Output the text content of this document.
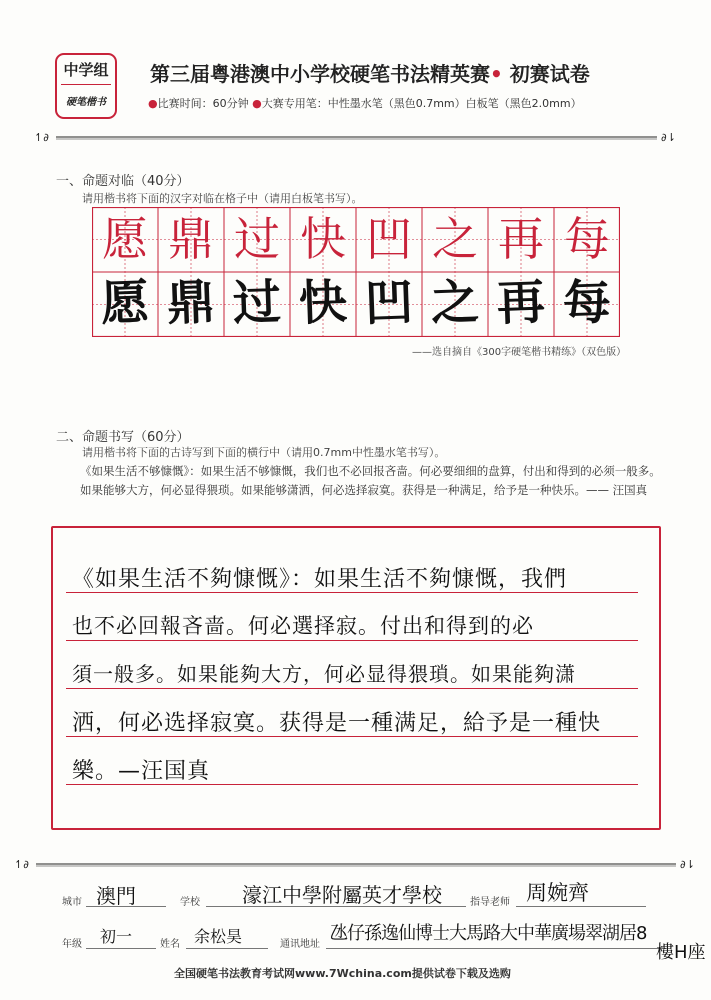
中学组
硬笔楷书
第三届粤港澳中小学校硬笔书法精英赛• 初赛试卷
●比赛时间：60分钟 ●大赛专用笔：中性墨水笔（黑色0.7mm）白板笔（黑色2.0mm）
↿∂	∂⇂
一、命题对临（40分）
请用楷书将下面的汉字对临在格子中（请用白板笔书写）。
愿 鼎 过 快 凹 之 再 每
愿 鼎 过 快 凹 之 再 每
——选自摘自《300字硬笔楷书精练》（双色版）
二、命题书写（60分）
请用楷书将下面的古诗写到下面的横行中（请用0.7mm中性墨水笔书写）。
《如果生活不够慷慨》：如果生活不够慷慨，我们也不必回报吝啬。何必要细细的盘算，付出和得到的必须一般多。如果能够大方，何必显得猥琐。如果能够潇洒，何必选择寂寞。获得是一种满足，给予是一种快乐。—— 汪国真
《如果生活不夠慷慨》：如果生活不夠慷慨，我們
也不必回報吝啬。何必選择寂。付出和得到的必
須一般多。如果能夠大方，何必显得猥瑣。如果能夠潇
洒，何必选择寂寞。获得是一種满足，給予是一種快
樂。—汪国真
↿∂	∂⇂
城市 澳門	学校 濠江中學附屬英才學校	指导老师 周婉齊
年级 初一	姓名 余松昊	通讯地址
氹仔孫逸仙博士大馬路大中華廣場翠湖居8
樓H座
全国硬笔书法教育考试网www.7Wchina.com提供试卷下载及选购
